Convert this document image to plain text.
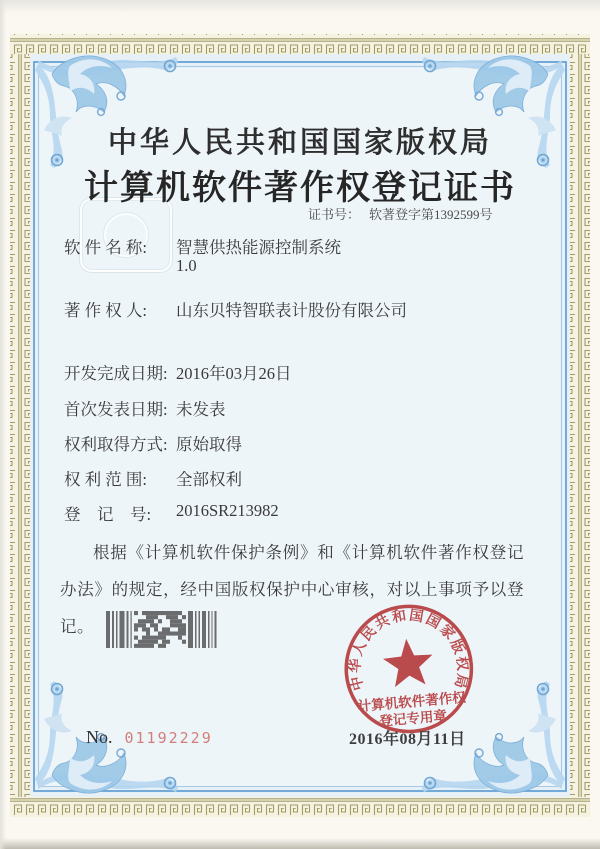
中华人民共和国国家版权局
计算机软件著作权登记证书
证书号： 软著登字第1392599号
软 件 名 称:	智慧供热能源控制系统
1.0
著 作 权 人:	山东贝特智联表计股份有限公司
开发完成日期: 2016年03月26日
首次发表日期: 未发表
权利取得方式: 原始取得
权 利 范 围:	全部权利
登　记　号:	2016SR213982
根据《计算机软件保护条例》和《计算机软件著作权登记办法》的规定，经中国版权保护中心审核，对以上事项予以登记。
中华人民共和国国家版权局
计算机软件著作权
登记专用章
2016年08月11日
No. 01192229
